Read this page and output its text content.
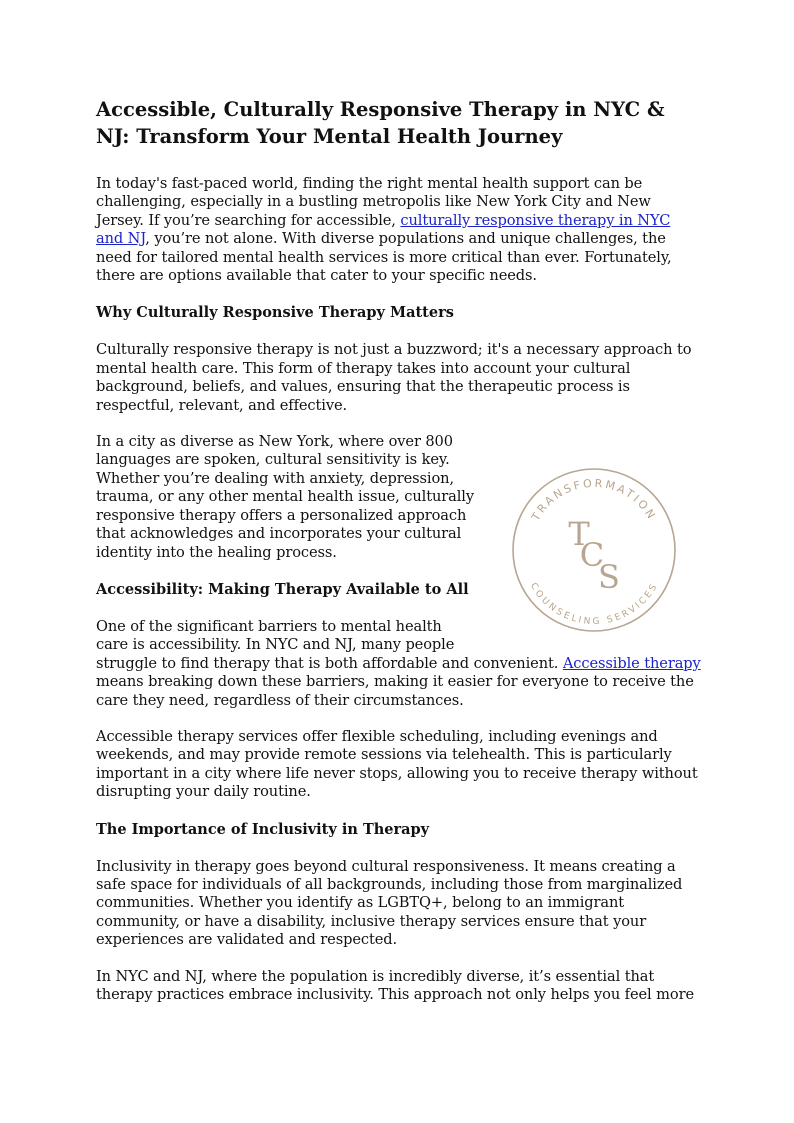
Accessible, Culturally Responsive Therapy in NYC & NJ: Transform Your Mental Health Journey

In today's fast-paced world, finding the right mental health support can be challenging, especially in a bustling metropolis like New York City and New Jersey. If you’re searching for accessible, culturally responsive therapy in NYC and NJ, you’re not alone. With diverse populations and unique challenges, the need for tailored mental health services is more critical than ever. Fortunately, there are options available that cater to your specific needs.

Why Culturally Responsive Therapy Matters

Culturally responsive therapy is not just a buzzword; it's a necessary approach to mental health care. This form of therapy takes into account your cultural background, beliefs, and values, ensuring that the therapeutic process is respectful, relevant, and effective.

TRANSFORMATION
COUNSELING SERVICES
T
C
S

In a city as diverse as New York, where over 800 languages are spoken, cultural sensitivity is key. Whether you’re dealing with anxiety, depression, trauma, or any other mental health issue, culturally responsive therapy offers a personalized approach that acknowledges and incorporates your cultural identity into the healing process.

Accessibility: Making Therapy Available to All

One of the significant barriers to mental health care is accessibility. In NYC and NJ, many people struggle to find therapy that is both affordable and convenient. Accessible therapy means breaking down these barriers, making it easier for everyone to receive the care they need, regardless of their circumstances.

Accessible therapy services offer flexible scheduling, including evenings and weekends, and may provide remote sessions via telehealth. This is particularly important in a city where life never stops, allowing you to receive therapy without disrupting your daily routine.

The Importance of Inclusivity in Therapy

Inclusivity in therapy goes beyond cultural responsiveness. It means creating a safe space for individuals of all backgrounds, including those from marginalized communities. Whether you identify as LGBTQ+, belong to an immigrant community, or have a disability, inclusive therapy services ensure that your experiences are validated and respected.

In NYC and NJ, where the population is incredibly diverse, it’s essential that therapy practices embrace inclusivity. This approach not only helps you feel more
